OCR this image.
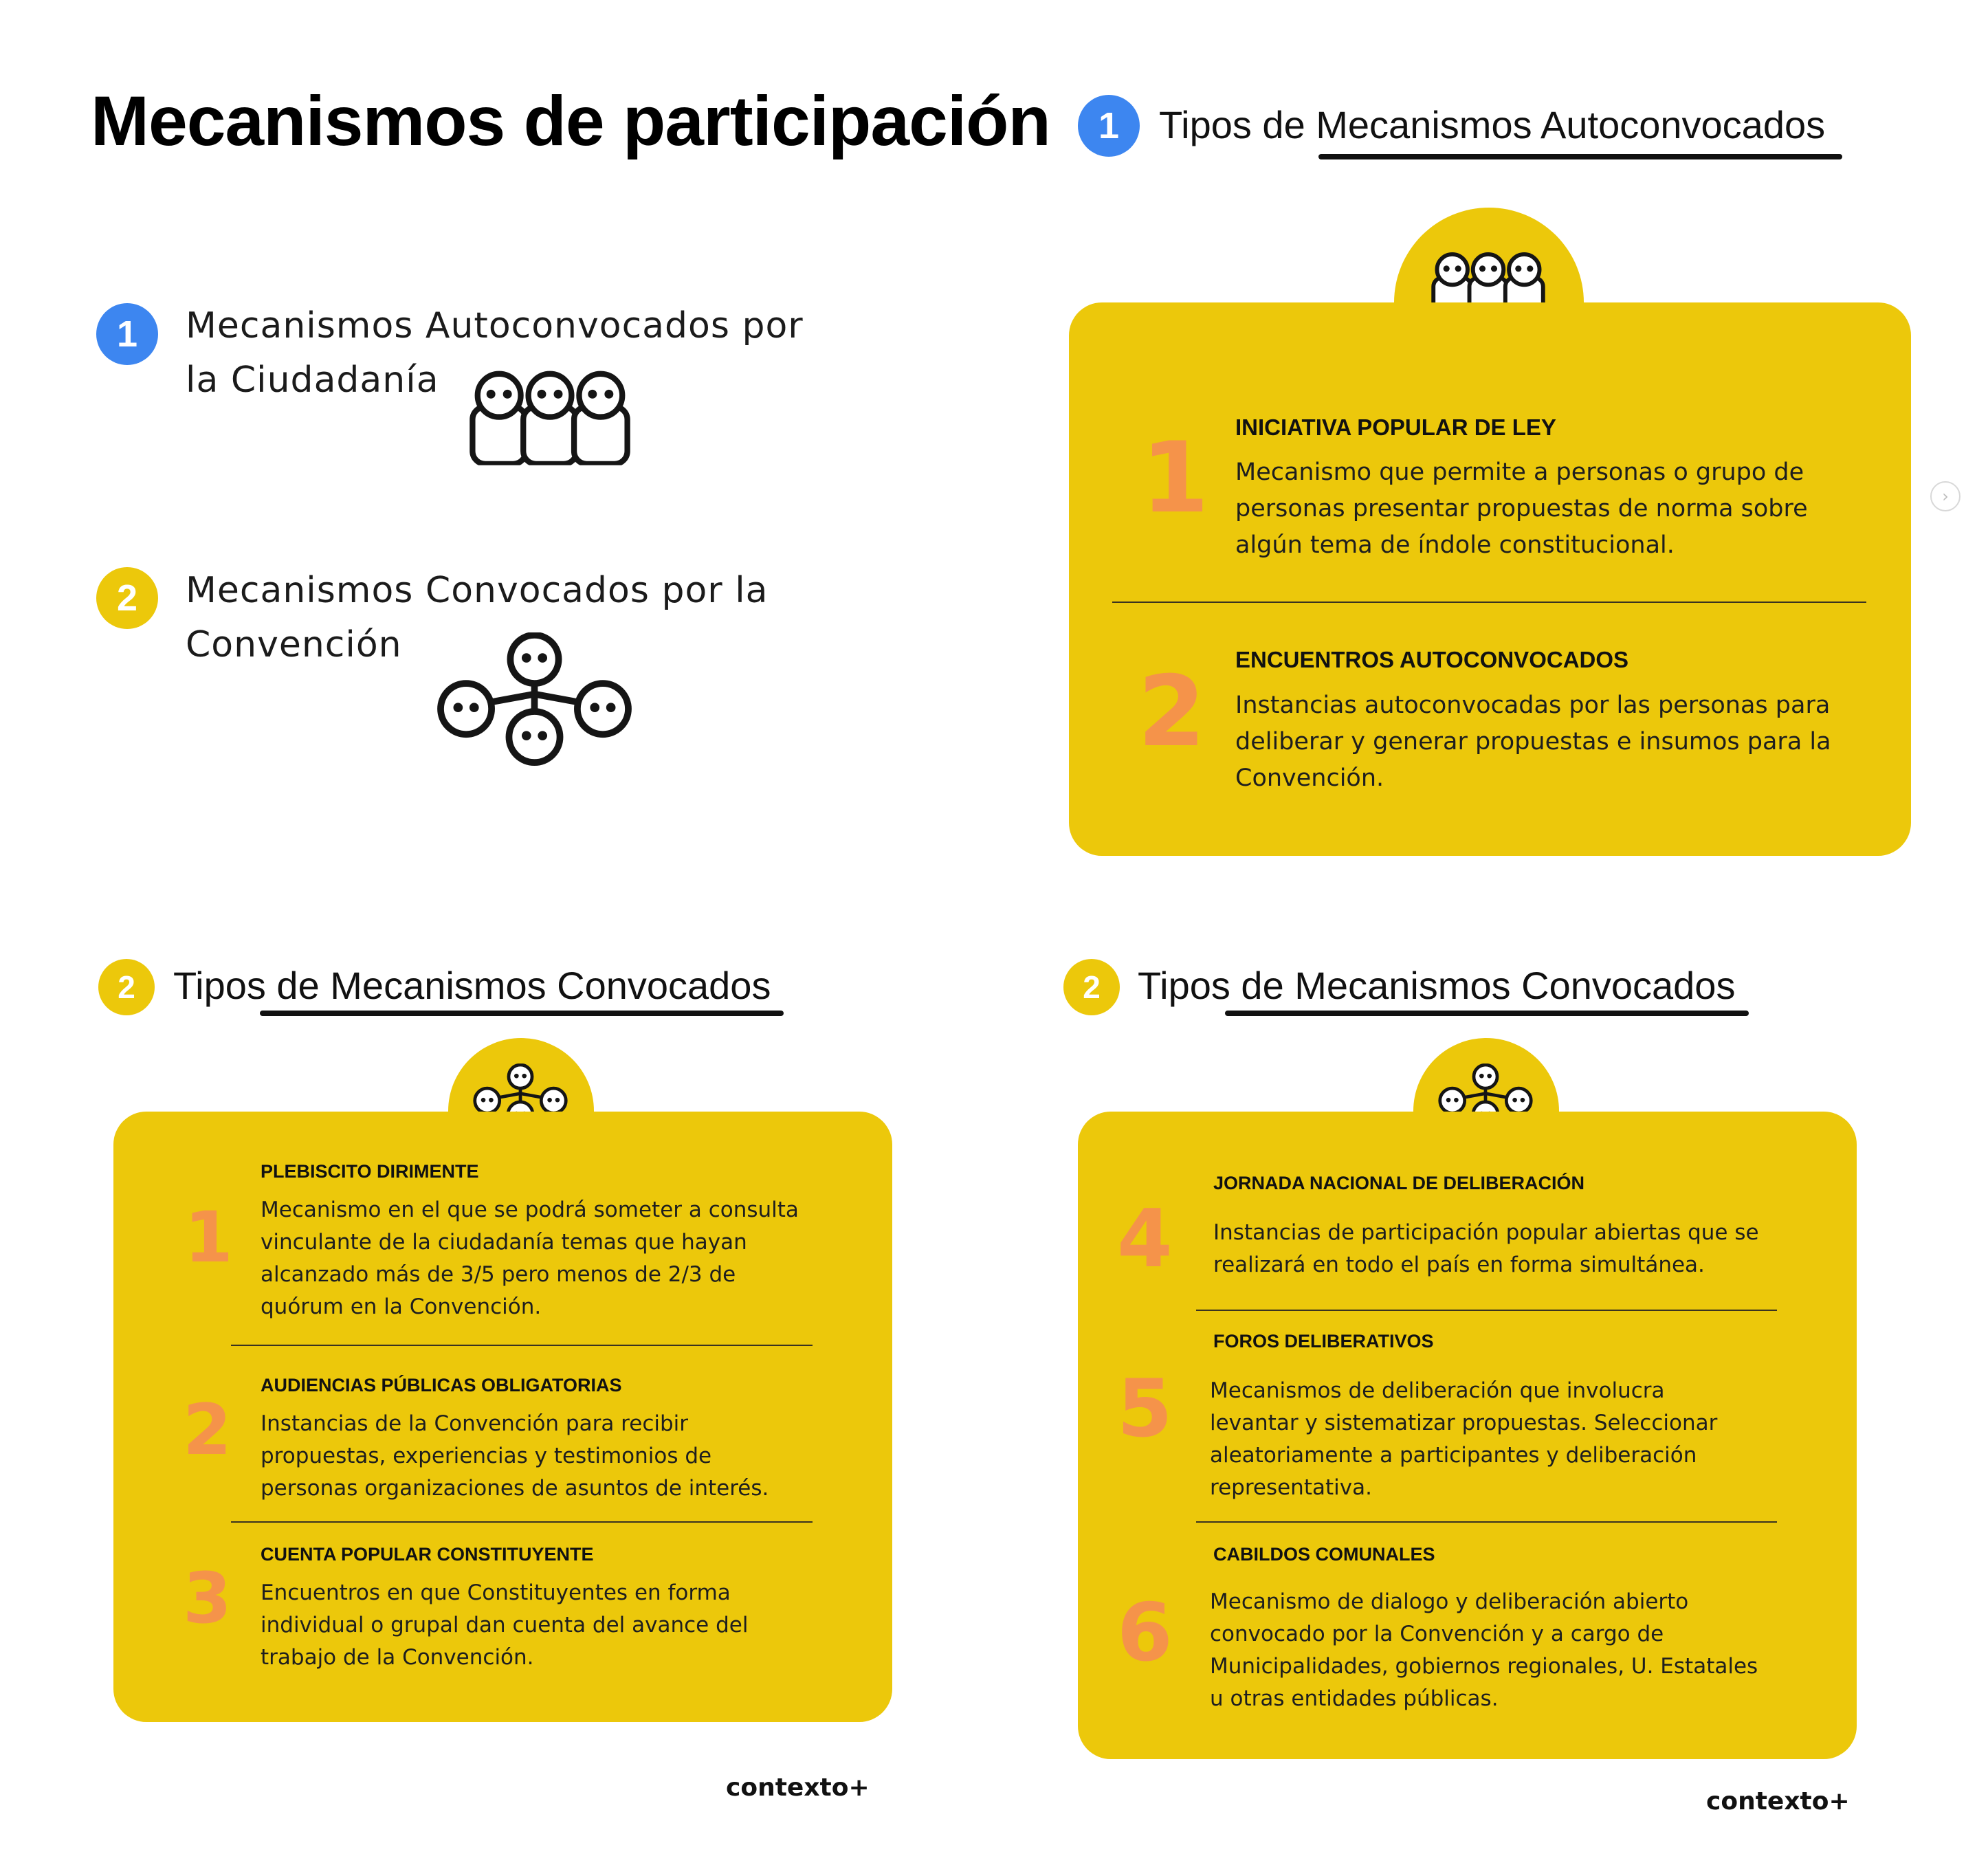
Mecanismos de participación
1	Mecanismos Autoconvocados por
la Ciudadanía
2	Mecanismos Convocados por la
Convención
1	Tipos de Mecanismos Autoconvocados
1 INICIATIVA POPULAR DE LEY
Mecanismo que permite a personas o grupo de
personas presentar propuestas de norma sobre
algún tema de índole constitucional.
2 ENCUENTROS AUTOCONVOCADOS
Instancias autoconvocadas por las personas para
deliberar y generar propuestas e insumos para la
Convención.
›
2 Tipos de Mecanismos Convocados
1
PLEBISCITO DIRIMENTE
Mecanismo en el que se podrá someter a consulta
vinculante de la ciudadanía temas que hayan
alcanzado más de 3/5 pero menos de 2/3 de
quórum en la Convención.
2
AUDIENCIAS PÚBLICAS OBLIGATORIAS
Instancias de la Convención para recibir
propuestas, experiencias y testimonios de
personas organizaciones de asuntos de interés.
3
CUENTA POPULAR CONSTITUYENTE
Encuentros en que Constituyentes en forma
individual o grupal dan cuenta del avance del
trabajo de la Convención.
contexto+
2 Tipos de Mecanismos Convocados
4
JORNADA NACIONAL DE DELIBERACIÓN
Instancias de participación popular abiertas que se
realizará en todo el país en forma simultánea.
5
FOROS DELIBERATIVOS
Mecanismos de deliberación que involucra
levantar y sistematizar propuestas. Seleccionar
aleatoriamente a participantes y deliberación
representativa.
6
CABILDOS COMUNALES
Mecanismo de dialogo y deliberación abierto
convocado por la Convención y a cargo de
Municipalidades, gobiernos regionales, U. Estatales
u otras entidades públicas.
contexto+
